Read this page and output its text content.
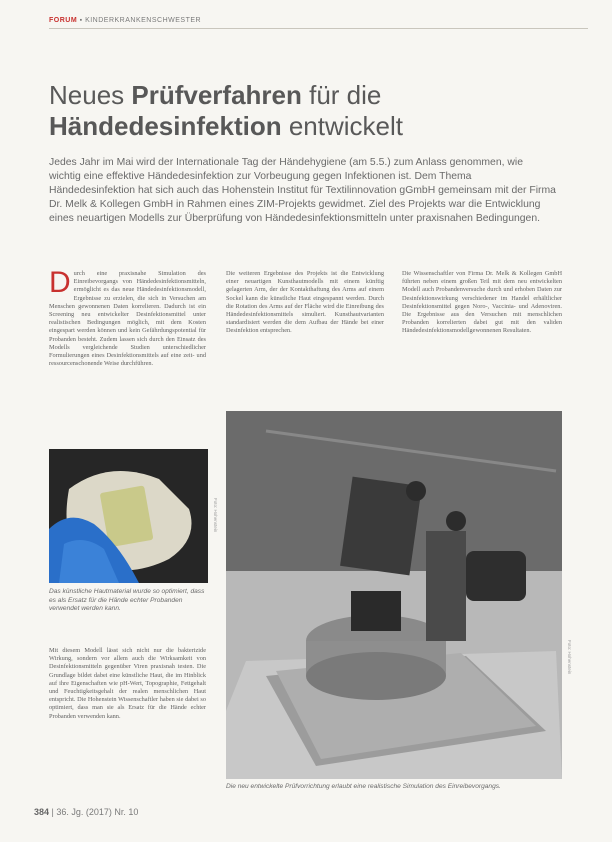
FORUM ▪ KINDERKRANKENSCHWESTER
Neues Prüfverfahren für die
Händedesinfektion entwickelt

Jedes Jahr im Mai wird der Internationale Tag der Händehygiene (am 5.5.) zum Anlass genommen, wie wichtig eine effektive Händedesinfektion zur Vorbeugung gegen Infektionen ist. Dem Thema Händedesinfektion hat sich auch das Hohenstein Institut für Textilinnovation gGmbH gemeinsam mit der Firma Dr. Melk & Kollegen GmbH in Rahmen eines ZIM-Projekts gewidmet. Ziel des Projekts war die Entwicklung eines neuartigen Modells zur Überprüfung von Händedesinfektionsmitteln unter praxisnahen Bedingungen.

D urch eine praxisnahe Simulation des Einreibevorgangs von Händedesinfektionsmitteln, ermöglicht es das neue Händedesinfektionsmodell, Ergebnisse zu erzielen, die sich in Versuchen am Menschen gewonnenen Daten korrelieren. Dadurch ist ein Screening neu entwickelter Desinfektionsmittel unter realistischen Bedingungen möglich, mit dem Kosten eingespart werden können und kein Gefährdungspotential für Probanden besteht. Zudem lassen sich durch den Einsatz des Modells vergleichende Studien unterschiedlicher Formulierungen eines Desinfektionsmittels auf eine zeit- und ressourcenschonende Weise durchführen.

Die weiteren Ergebnisse des Projekts ist die Entwicklung einer neuartigen Kunsthautmodells mit einem künftig gelagerten Arm, der der Kontakthaftung des Arms auf einem Sockel kann die künstliche Haut eingespannt werden. Durch die Rotation des Arms auf der Fläche wird die Einreibung des Händedesinfektionsmittels simuliert. Kunsthautvarianten standardisiert werden die dem Aufbau der Hände bei einer Desinfektion entsprechen.

Die Wissenschaftler von Firma Dr. Melk & Kollegen GmbH führten neben einem großen Teil mit dem neu entwickelten Modell auch Probandenversuche durch und erhoben Daten zur Desinfektionswirkung verschiedener im Handel erhältlicher Desinfektionsmittel gegen Noro-, Vaccinia- und Adenoviren. Die Ergebnisse aus den Versuchen mit menschlichen Probanden korrelierten dabei gut mit den validen Händedesinfektionsmodellgewonnenen Resultaten.

Foto: Hohenstein

Das künstliche Hautmaterial wurde so optimiert, dass es als Ersatz für die Hände echter Probanden verwendet werden kann.

Mit diesem Modell lässt sich nicht nur die bakterizide Wirkung, sondern vor allem auch die Wirksamkeit von Desinfektionsmitteln gegenüber Viren praxisnah testen. Die Grundlage bildet dabei eine künstliche Haut, die im Hinblick auf ihre Eigenschaften wie pH-Wert, Topographie, Fettgehalt und Feuchtigkeitsgehalt der realen menschlichen Haut entspricht. Die Hohenstein Wissenschaftler haben sie dabei so optimiert, dass man sie als Ersatz für die Hände echter Probanden verwenden kann.

Foto: Hohenstein

Die neu entwickelte Prüfvorrichtung erlaubt eine realistische Simulation des Einreibevorgangs.

384 | 36. Jg. (2017) Nr. 10
